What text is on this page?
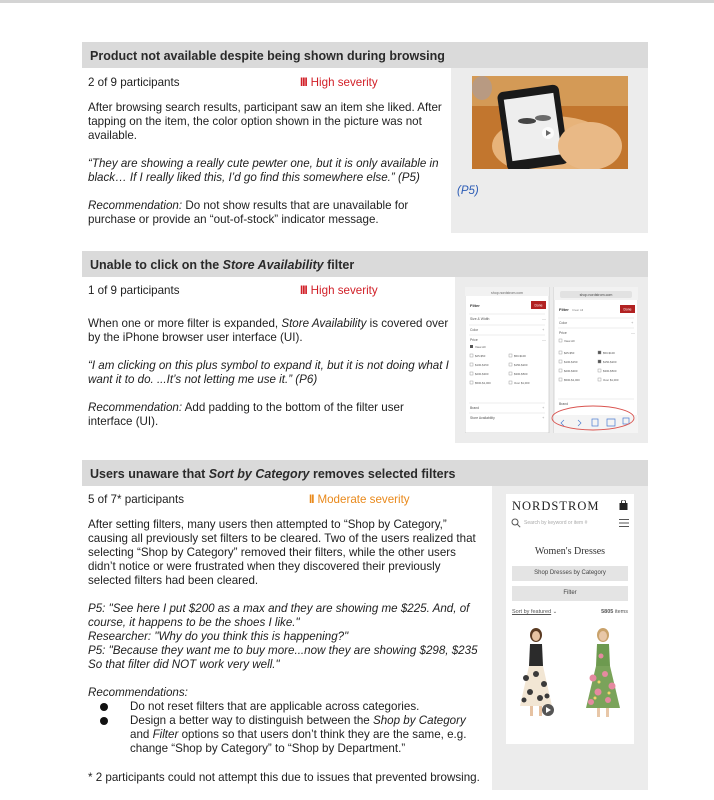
Product not available despite being shown during browsing
2 of 9 participants	III High severity

After browsing search results, participant saw an item she liked. After tapping on the item, the color option shown in the picture was not available.

“They are showing a really cute pewter one, but it is only available in black… If I really liked this, I’d go find this somewhere else.” (P5)

Recommendation: Do not show results that are unavailable for purchase or provide an “out-of-stock” indicator message.

(P5)
Unable to click on the Store Availability filter
1 of 9 participants	III High severity

When one or more filter is expanded, Store Availability is covered over by the iPhone browser user interface (UI).

“I am clicking on this plus symbol to expand it, but it is not doing what I want it to do. ...It’s not letting me use it.” (P6)

Recommendation: Add padding to the bottom of the filter user interface (UI).

shop.nordstrom.com
Filter	Done
Size & Width	—
Color	+
Price	—
View All
$25-$50	$50-$100
$100-$150	$150-$200
$200-$300	$300-$500
$500-$1,000	Over $1,000
Brand	+
Store Availability	+
shop.nordstrom.com
Filter Clear All	Done
Color	+
Price	—
View All
$25-$50	$50-$100
$100-$150	$150-$200
$200-$300	$300-$500
$500-$1,000	Over $1,000
Brand
Users unaware that Sort by Category removes selected filters
5 of 7* participants	II Moderate severity

After setting filters, many users then attempted to “Shop by Category,” causing all previously set filters to be cleared. Two of the users realized that selecting “Shop by Category” removed their filters, while the other users didn’t notice or were frustrated when they discovered their previously selected filters had been cleared.

P5: "See here I put $200 as a max and they are showing me $225. And, of course, it happens to be the shoes I like."

Researcher: "Why do you think this is happening?"

P5: "Because they want me to buy more...now they are showing $298, $235 So that filter did NOT work very well."

Recommendations:

Do not reset filters that are applicable across categories.
Design a better way to distinguish between the Shop by Category and Filter options so that users don’t think they are the same, e.g. change “Shop by Category” to “Shop by Department.”

* 2 participants could not attempt this due to issues that prevented browsing.

NORDSTROM
Search by keyword or item #
Women's Dresses
Shop Dresses by Category
Filter
Sort by featured ⌄	5805 items
